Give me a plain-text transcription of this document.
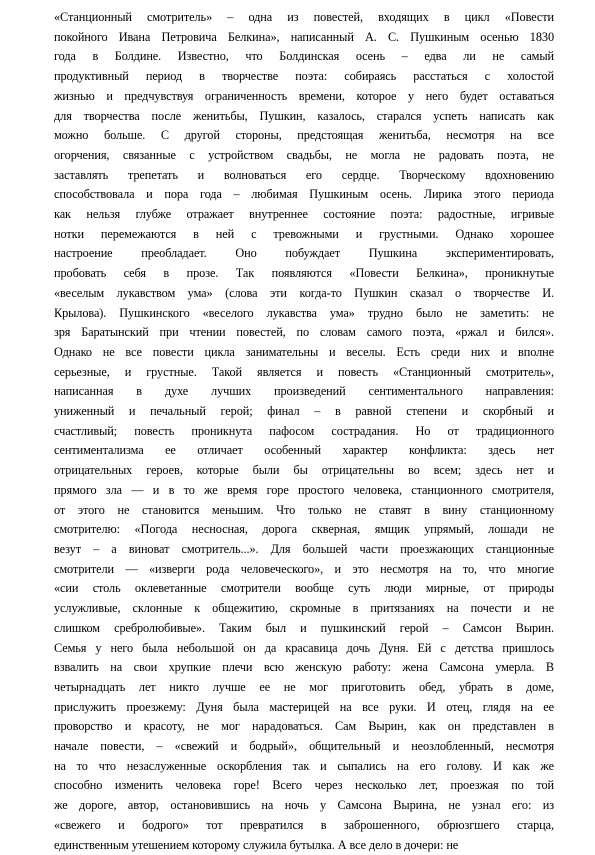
«Станционный смотритель» – одна из повестей, входящих в цикл «Повести
покойного Ивана Петровича Белкина», написанный А. С. Пушкиным осенью 1830
года в Болдине. Известно, что Болдинская осень – едва ли не самый
продуктивный период в творчестве поэта: собираясь расстаться с холостой
жизнью и предчувствуя ограниченность времени, которое у него будет оставаться
для творчества после женитьбы, Пушкин, казалось, старался успеть написать как
можно больше. С другой стороны, предстоящая женитьба, несмотря на все
огорчения, связанные с устройством свадьбы, не могла не радовать поэта, не
заставлять трепетать и волноваться его сердце. Творческому вдохновению
способствовала и пора года – любимая Пушкиным осень. Лирика этого периода
как нельзя глубже отражает внутреннее состояние поэта: радостные, игривые
нотки перемежаются в ней с тревожными и грустными. Однако хорошее
настроение преобладает. Оно побуждает Пушкина экспериментировать,
пробовать себя в прозе. Так появляются «Повести Белкина», проникнутые
«веселым лукавством ума» (слова эти когда-то Пушкин сказал о творчестве И.
Крылова). Пушкинского «веселого лукавства ума» трудно было не заметить: не
зря Баратынский при чтении повестей, по словам самого поэта, «ржал и бился».
Однако не все повести цикла занимательны и веселы. Есть среди них и вполне
серьезные, и грустные. Такой является и повесть «Станционный смотритель»,
написанная в духе лучших произведений сентиментального направления:
униженный и печальный герой; финал – в равной степени и скорбный и
счастливый; повесть проникнута пафосом сострадания. Но от традиционного
сентиментализма ее отличает особенный характер конфликта: здесь нет
отрицательных героев, которые были бы отрицательны во всем; здесь нет и
прямого зла — и в то же время горе простого человека, станционного смотрителя,
от этого не становится меньшим. Что только не ставят в вину станционному
смотрителю: «Погода несносная, дорога скверная, ямщик упрямый, лошади не
везут – а виноват смотритель...». Для большей части проезжающих станционные
смотрители — «изверги рода человеческого», и это несмотря на то, что многие
«сии столь оклеветанные смотрители вообще суть люди мирные, от природы
услужливые, склонные к общежитию, скромные в притязаниях на почести и не
слишком сребролюбивые». Таким был и пушкинский герой – Самсон Вырин.
Семья у него была небольшой он да красавица дочь Дуня. Ей с детства пришлось
взвалить на свои хрупкие плечи всю женскую работу: жена Самсона умерла. В
четырнадцать лет никто лучше ее не мог приготовить обед, убрать в доме,
прислужить проезжему: Дуня была мастерицей на все руки. И отец, глядя на ее
проворство и красоту, не мог нарадоваться. Сам Вырин, как он представлен в
начале повести, – «свежий и бодрый», общительный и неозлобленный, несмотря
на то что незаслуженные оскорбления так и сыпались на его голову. И как же
способно изменить человека горе! Всего через несколько лет, проезжая по той
же дороге, автор, остановившись на ночь у Самсона Вырина, не узнал его: из
«свежего и бодрого» тот превратился в заброшенного, обрюзгшего старца,
единственным утешением которому служила бутылка. А все дело в дочери: не
